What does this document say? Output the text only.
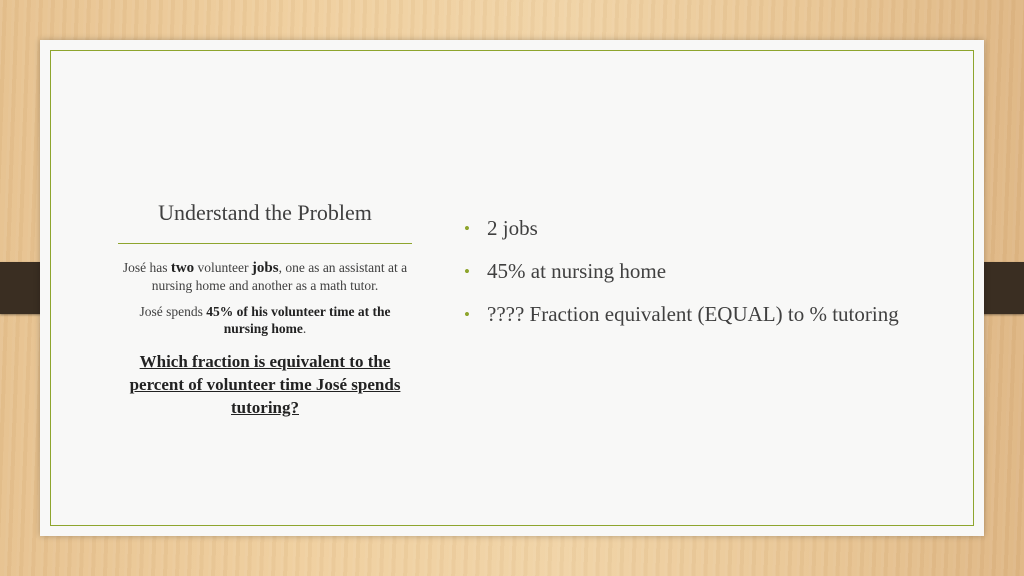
Understand the Problem

José has two volunteer jobs, one as an assistant at a nursing home and another as a math tutor.

José spends 45% of his volunteer time at the nursing home.

Which fraction is equivalent to the percent of volunteer time José spends tutoring?

• 2 jobs
• 45% at nursing home
• ???? Fraction equivalent (EQUAL) to % tutoring
